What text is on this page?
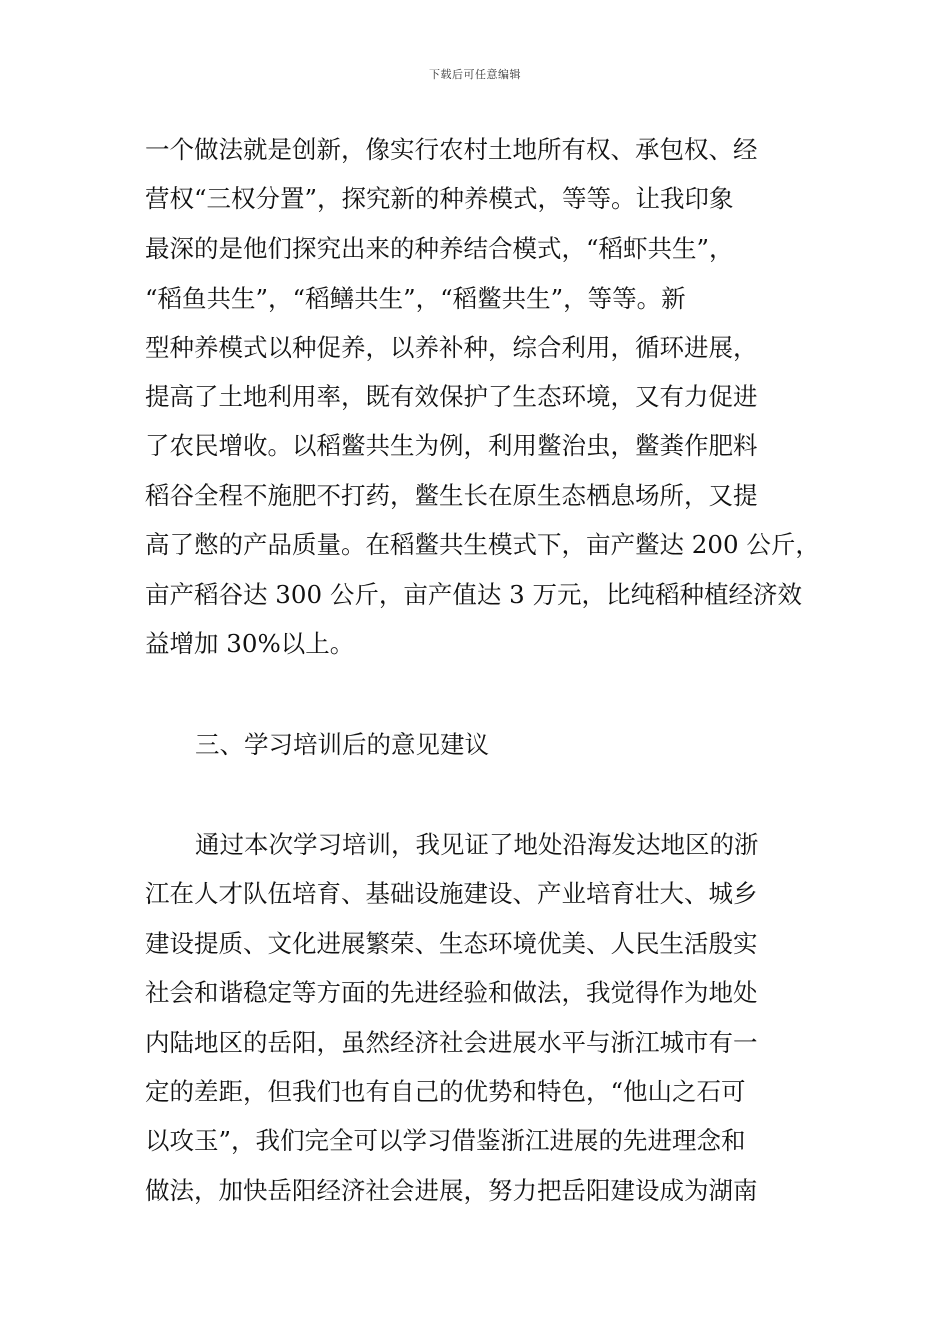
下载后可任意编辑
一个做法就是创新，像实行农村土地所有权、承包权、经
营权“三权分置”，探究新的种养模式，等等。让我印象
最深的是他们探究出来的种养结合模式，“稻虾共生”，
“稻鱼共生”，“稻鳝共生”，“稻鳖共生”，等等。新
型种养模式以种促养，以养补种，综合利用，循环进展，
提高了土地利用率，既有效保护了生态环境，又有力促进
了农民增收。以稻鳖共生为例，利用鳖治虫，鳖粪作肥料
稻谷全程不施肥不打药，鳖生长在原生态栖息场所，又提
高了憋的产品质量。在稻鳖共生模式下，亩产鳖达 200 公斤，
亩产稻谷达 300 公斤，亩产值达 3 万元，比纯稻种植经济效
益增加 30%以上。
三、学习培训后的意见建议
通过本次学习培训，我见证了地处沿海发达地区的浙
江在人才队伍培育、基础设施建设、产业培育壮大、城乡
建设提质、文化进展繁荣、生态环境优美、人民生活殷实
社会和谐稳定等方面的先进经验和做法，我觉得作为地处
内陆地区的岳阳，虽然经济社会进展水平与浙江城市有一
定的差距，但我们也有自己的优势和特色，“他山之石可
以攻玉”，我们完全可以学习借鉴浙江进展的先进理念和
做法，加快岳阳经济社会进展，努力把岳阳建设成为湖南
